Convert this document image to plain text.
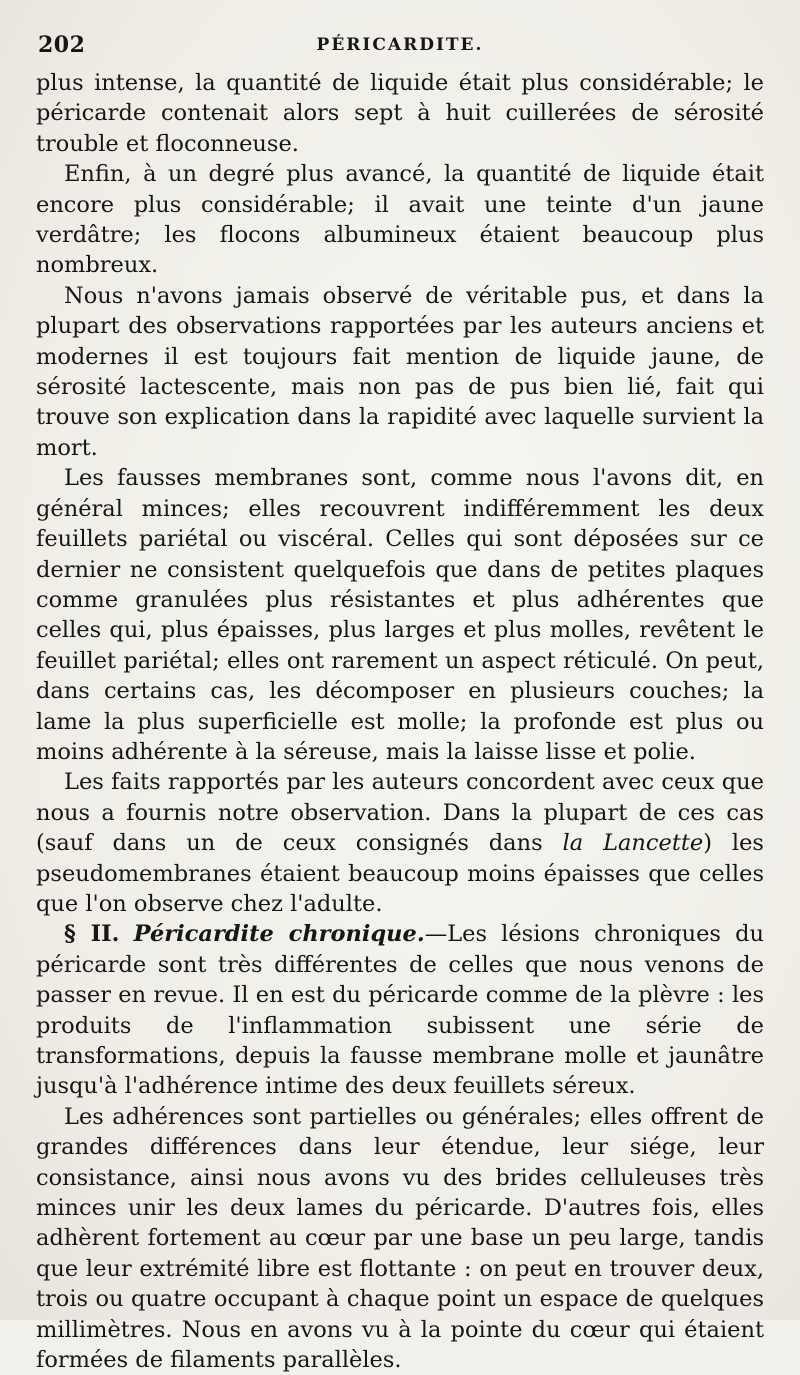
202	PÉRICARDITE.

plus intense, la quantité de liquide était plus considérable; le péricarde contenait alors sept à huit cuillerées de sérosité trouble et floconneuse.

Enfin, à un degré plus avancé, la quantité de liquide était encore plus considérable; il avait une teinte d'un jaune verdâtre; les flocons albumineux étaient beaucoup plus nombreux.

Nous n'avons jamais observé de véritable pus, et dans la plupart des observations rapportées par les auteurs anciens et modernes il est toujours fait mention de liquide jaune, de sérosité lactescente, mais non pas de pus bien lié, fait qui trouve son explication dans la rapidité avec laquelle survient la mort.

Les fausses membranes sont, comme nous l'avons dit, en général minces; elles recouvrent indifféremment les deux feuillets pariétal ou viscéral. Celles qui sont déposées sur ce dernier ne consistent quelquefois que dans de petites plaques comme granulées plus résistantes et plus adhérentes que celles qui, plus épaisses, plus larges et plus molles, revêtent le feuillet pariétal; elles ont rarement un aspect réticulé. On peut, dans certains cas, les décomposer en plusieurs couches; la lame la plus superficielle est molle; la profonde est plus ou moins adhérente à la séreuse, mais la laisse lisse et polie.

Les faits rapportés par les auteurs concordent avec ceux que nous a fournis notre observation. Dans la plupart de ces cas (sauf dans un de ceux consignés dans la Lancette) les pseudomembranes étaient beaucoup moins épaisses que celles que l'on observe chez l'adulte.

§ II. Péricardite chronique.—Les lésions chroniques du péricarde sont très différentes de celles que nous venons de passer en revue. Il en est du péricarde comme de la plèvre : les produits de l'inflammation subissent une série de transformations, depuis la fausse membrane molle et jaunâtre jusqu'à l'adhérence intime des deux feuillets séreux.

Les adhérences sont partielles ou générales; elles offrent de grandes différences dans leur étendue, leur siége, leur consistance, ainsi nous avons vu des brides celluleuses très minces unir les deux lames du péricarde. D'autres fois, elles adhèrent fortement au cœur par une base un peu large, tandis que leur extrémité libre est flottante : on peut en trouver deux, trois ou quatre occupant à chaque point un espace de quelques millimètres. Nous en avons vu à la pointe du cœur qui étaient formées de filaments parallèles.
